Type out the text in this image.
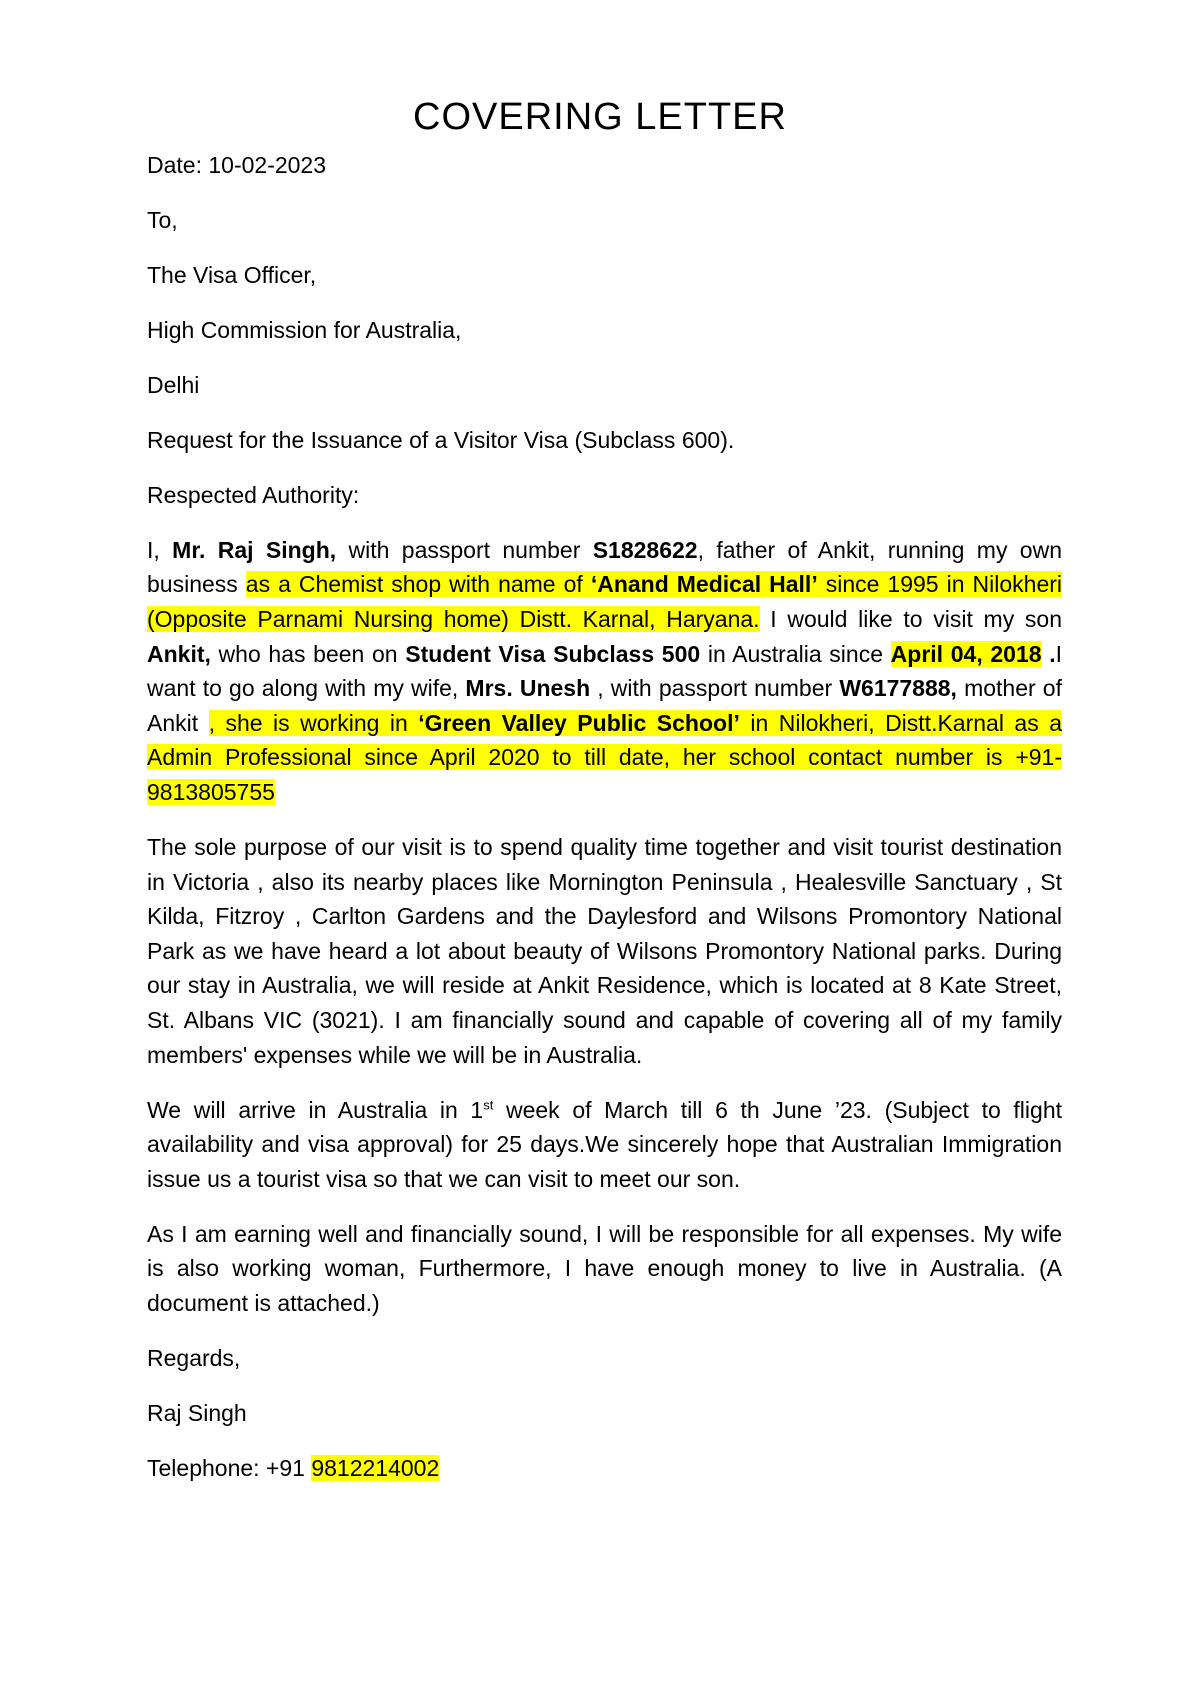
COVERING LETTER

Date: 10-02-2023

To,

The Visa Officer,

High Commission for Australia,

Delhi

Request for the Issuance of a Visitor Visa (Subclass 600).

Respected Authority:

I, Mr. Raj Singh, with passport number S1828622, father of Ankit, running my own business as a Chemist shop with name of ‘Anand Medical Hall’ since 1995 in Nilokheri (Opposite Parnami Nursing home) Distt. Karnal, Haryana. I would like to visit my son Ankit, who has been on Student Visa Subclass 500 in Australia since April 04, 2018 .I want to go along with my wife, Mrs. Unesh , with passport number W6177888, mother of Ankit , she is working in ‘Green Valley Public School’ in Nilokheri, Distt.Karnal as a Admin Professional since April 2020 to till date, her school contact number is +91-9813805755

The sole purpose of our visit is to spend quality time together and visit tourist destination in Victoria , also its nearby places like Mornington Peninsula , Healesville Sanctuary , St Kilda, Fitzroy , Carlton Gardens and the Daylesford and Wilsons Promontory National Park as we have heard a lot about beauty of Wilsons Promontory National parks. During our stay in Australia, we will reside at Ankit Residence, which is located at 8 Kate Street, St. Albans VIC (3021). I am financially sound and capable of covering all of my family members' expenses while we will be in Australia.

We will arrive in Australia in 1st week of March till 6 th June ’23. (Subject to flight availability and visa approval) for 25 days.We sincerely hope that Australian Immigration issue us a tourist visa so that we can visit to meet our son.

As I am earning well and financially sound, I will be responsible for all expenses. My wife is also working woman, Furthermore, I have enough money to live in Australia. (A document is attached.)

Regards,

Raj Singh

Telephone: +91 9812214002
